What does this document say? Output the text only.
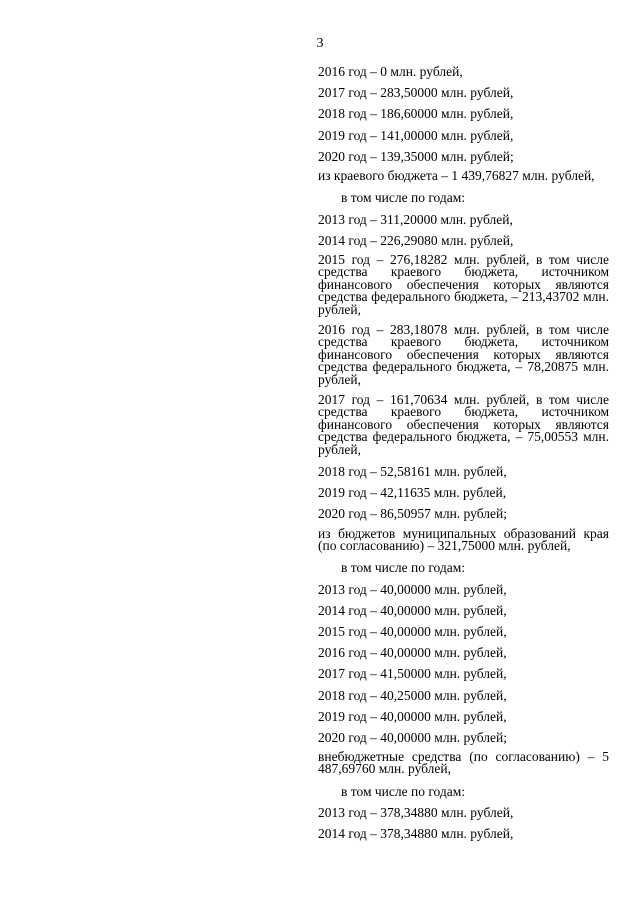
3

2016 год – 0 млн. рублей,

2017 год – 283,50000 млн. рублей,

2018 год – 186,60000 млн. рублей,

2019 год – 141,00000 млн. рублей,

2020 год – 139,35000 млн. рублей;

из краевого бюджета – 1 439,76827 млн. рублей,

в том числе по годам:

2013 год – 311,20000 млн. рублей,

2014 год – 226,29080 млн. рублей,

2015 год – 276,18282 млн. рублей, в том числе средства краевого бюджета, источником финансового обеспечения которых являются средства федерального бюджета, – 213,43702 млн. рублей,

2016 год – 283,18078 млн. рублей, в том числе средства краевого бюджета, источником финансового обеспечения которых являются средства федерального бюджета, – 78,20875 млн. рублей,

2017 год – 161,70634 млн. рублей, в том числе средства краевого бюджета, источником финансового обеспечения которых являются средства федерального бюджета, – 75,00553 млн. рублей,

2018 год – 52,58161 млн. рублей,

2019 год – 42,11635 млн. рублей,

2020 год – 86,50957 млн. рублей;

из бюджетов муниципальных образований края (по согласованию) – 321,75000 млн. рублей,

в том числе по годам:

2013 год – 40,00000 млн. рублей,

2014 год – 40,00000 млн. рублей,

2015 год – 40,00000 млн. рублей,

2016 год – 40,00000 млн. рублей,

2017 год – 41,50000 млн. рублей,

2018 год – 40,25000 млн. рублей,

2019 год – 40,00000 млн. рублей,

2020 год – 40,00000 млн. рублей;

внебюджетные средства (по согласованию) – 5 487,69760 млн. рублей,

в том числе по годам:

2013 год – 378,34880 млн. рублей,

2014 год – 378,34880 млн. рублей,
